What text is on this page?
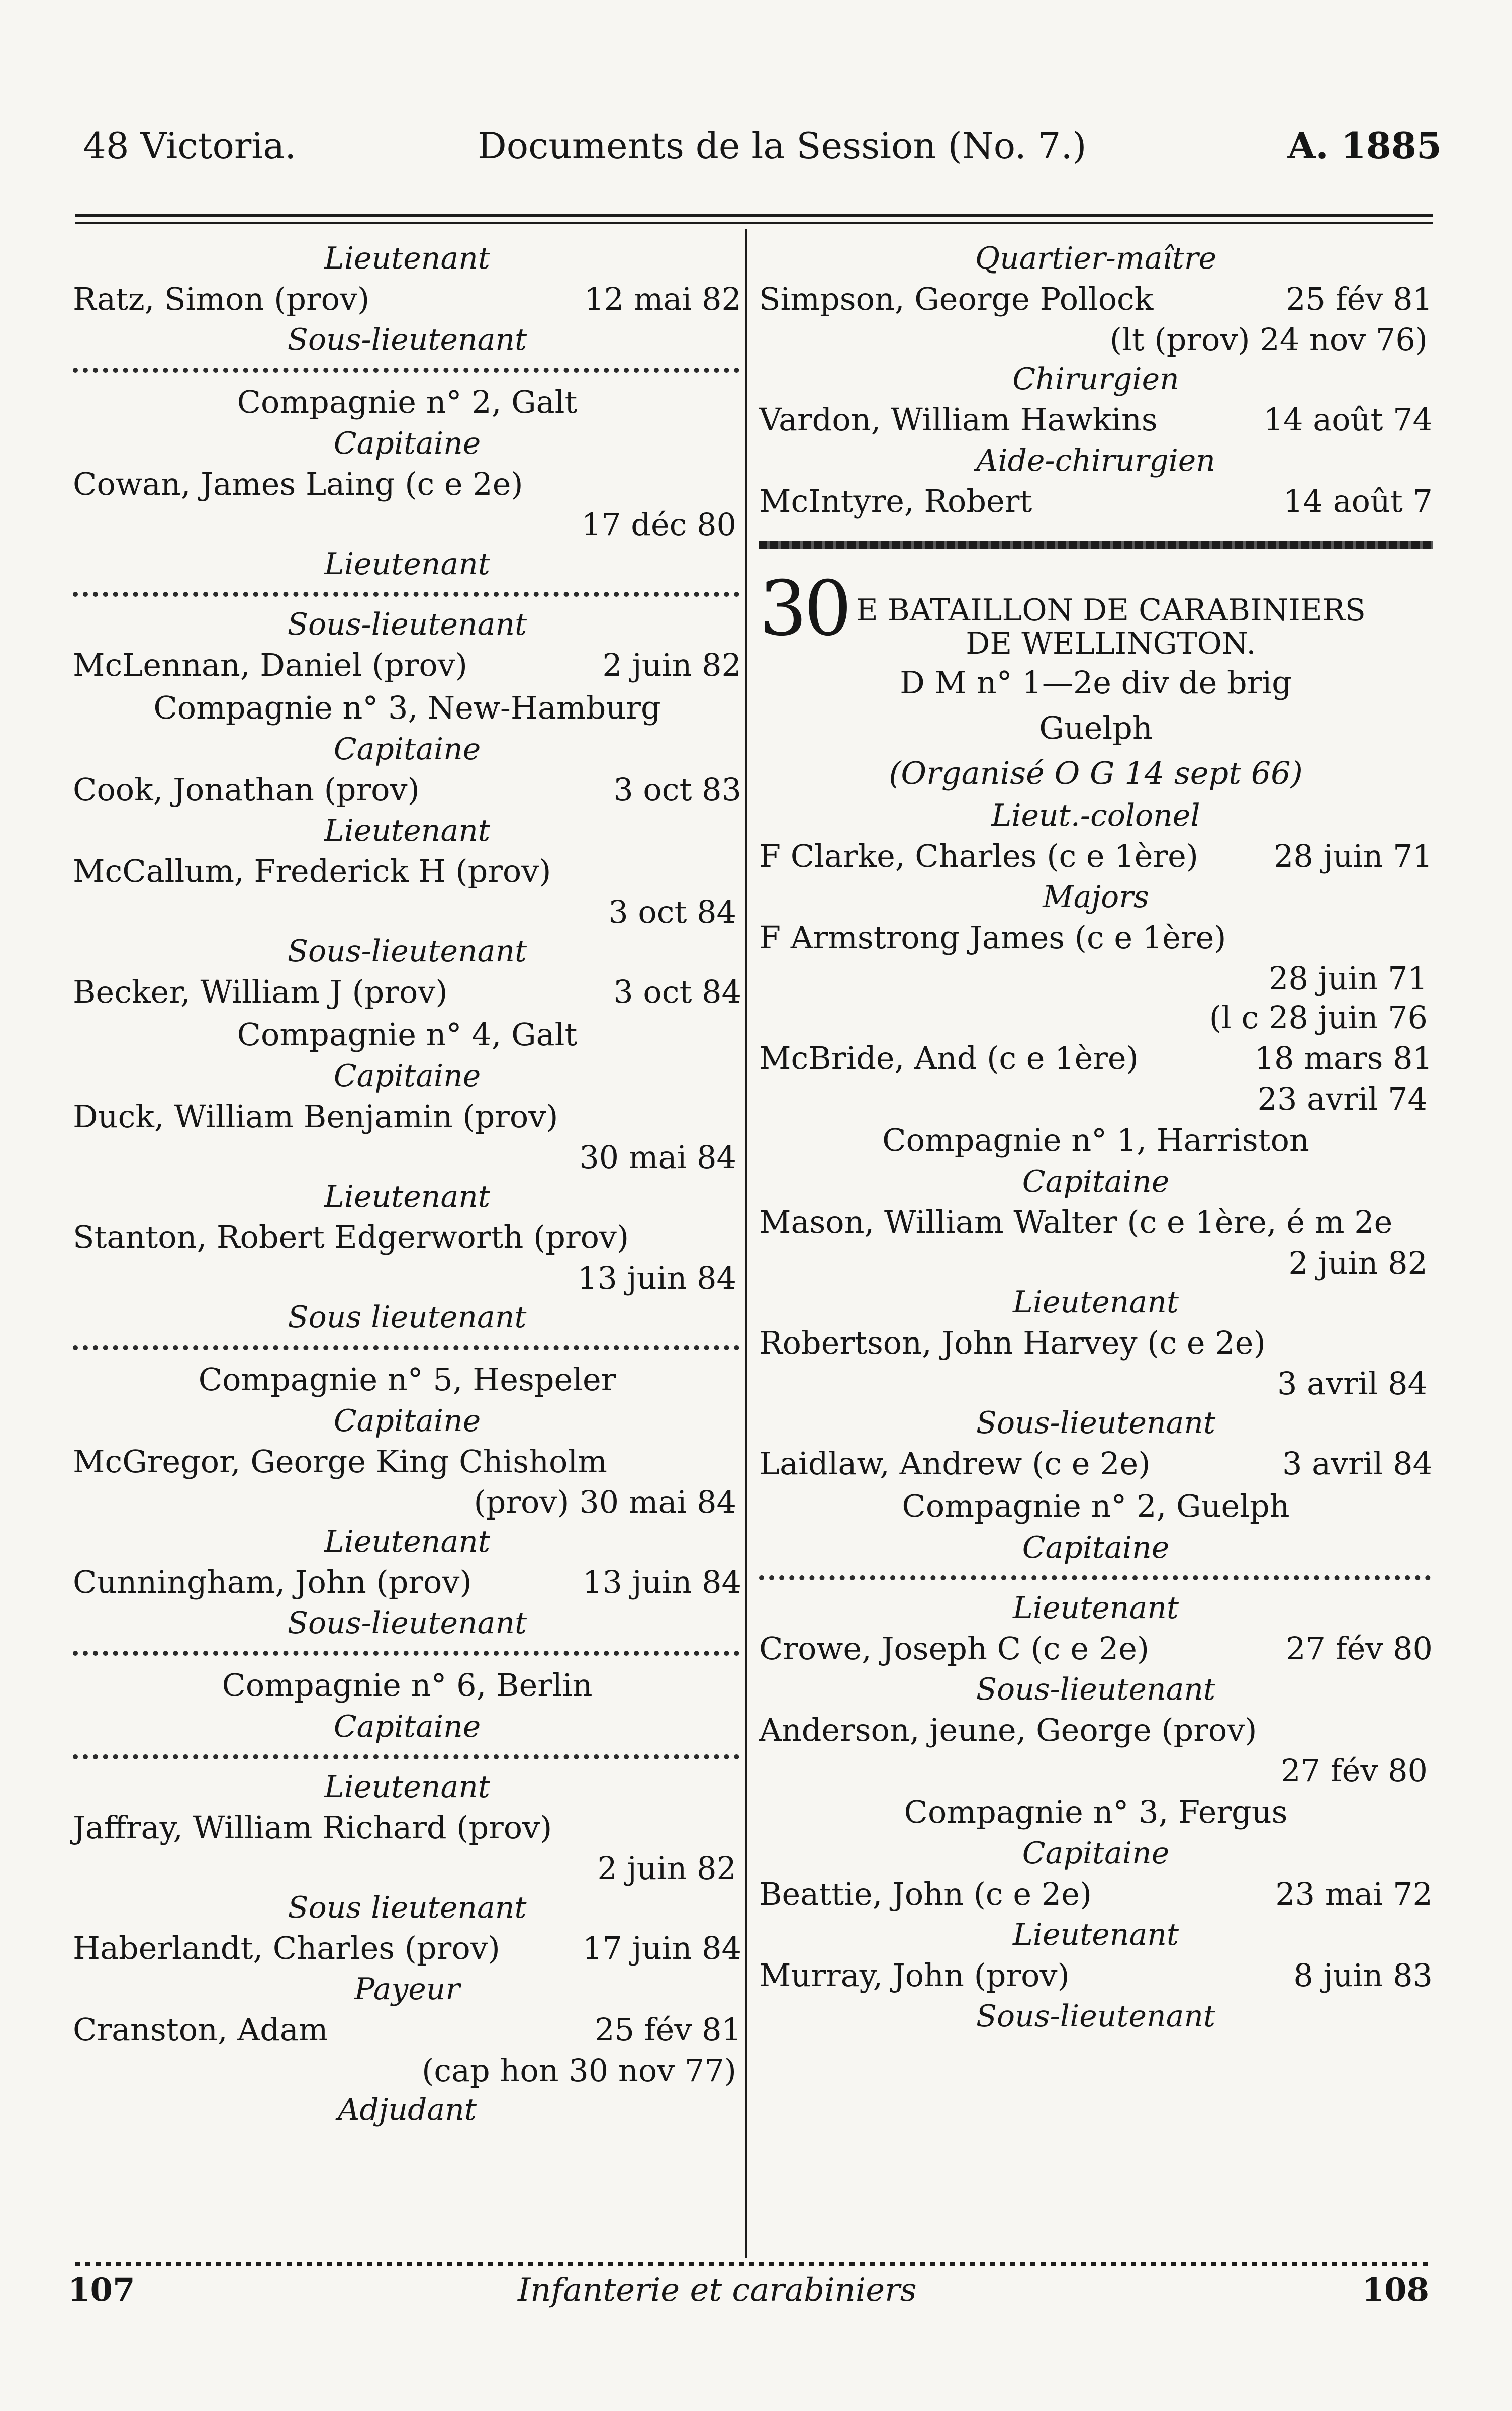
48 Victoria.	Documents de la Session (No. 7.)	A. 1885
Lieutenant
Ratz, Simon (prov)	12 mai 82
Sous-lieutenant
Compagnie n° 2, Galt
Capitaine
Cowan, James Laing (c e 2e)
17 déc 80
Lieutenant
Sous-lieutenant
McLennan, Daniel (prov)	2 juin 82
Compagnie n° 3, New-Hamburg
Capitaine
Cook, Jonathan (prov)	3 oct 83
Lieutenant
McCallum, Frederick H (prov)
3 oct 84
Sous-lieutenant
Becker, William J (prov)	3 oct 84
Compagnie n° 4, Galt
Capitaine
Duck, William Benjamin (prov)
30 mai 84
Lieutenant
Stanton, Robert Edgerworth (prov)
13 juin 84
Sous lieutenant
Compagnie n° 5, Hespeler
Capitaine
McGregor, George King Chisholm
(prov) 30 mai 84
Lieutenant
Cunningham, John (prov)	13 juin 84
Sous-lieutenant
Compagnie n° 6, Berlin
Capitaine
Lieutenant
Jaffray, William Richard (prov)
2 juin 82
Sous lieutenant
Haberlandt, Charles (prov)	17 juin 84
Payeur
Cranston, Adam	25 fév 81
(cap hon 30 nov 77)
Adjudant
Quartier-maître
Simpson, George Pollock	25 fév 81
(lt (prov) 24 nov 76)
Chirurgien
Vardon, William Hawkins	14 août 74
Aide-chirurgien
McIntyre, Robert	14 août 7
30 E BATAILLON DE CARABINIERS
DE WELLINGTON.
D M n° 1—2e div de brig
Guelph
(Organisé O G 14 sept 66)
Lieut.-colonel
F Clarke, Charles (c e 1ère) 28 juin 71
Majors
F Armstrong James (c e 1ère)
28 juin 71
(l c 28 juin 76
McBride, And (c e 1ère)	18 mars 81
23 avril 74
Compagnie n° 1, Harriston
Capitaine
Mason, William Walter (c e 1ère, é m 2e
2 juin 82
Lieutenant
Robertson, John Harvey (c e 2e)
3 avril 84
Sous-lieutenant
Laidlaw, Andrew (c e 2e)	3 avril 84
Compagnie n° 2, Guelph
Capitaine
Lieutenant
Crowe, Joseph C (c e 2e)	27 fév 80
Sous-lieutenant
Anderson, jeune, George (prov)
27 fév 80
Compagnie n° 3, Fergus
Capitaine
Beattie, John (c e 2e)	23 mai 72
Lieutenant
Murray, John (prov)	8 juin 83
Sous-lieutenant
107	Infanterie et carabiniers	108
